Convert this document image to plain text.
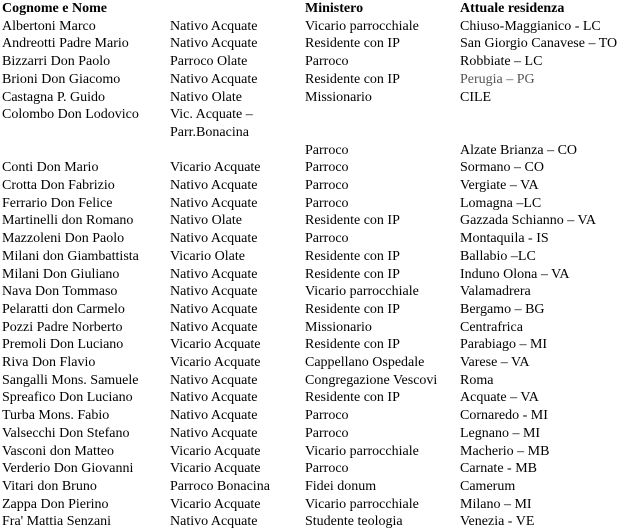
Cognome e Nome		Ministero	Attuale residenza
Albertoni Marco	Nativo Acquate	Vicario parrocchiale	Chiuso-Maggianico - LC
Andreotti Padre Mario	Nativo Acquate	Residente con IP	San Giorgio Canavese – TO
Bizzarri Don Paolo	Parroco Olate	Parroco	Robbiate – LC
Brioni Don Giacomo	Nativo Acquate	Residente con IP	Perugia – PG
Castagna P. Guido	Nativo Olate	Missionario	CILE
Colombo Don Lodovico	Vic. Acquate – Parr.Bonacina		
		Parroco	Alzate Brianza – CO
Conti Don Mario	Vicario Acquate	Parroco	Sormano – CO
Crotta Don Fabrizio	Nativo Acquate	Parroco	Vergiate – VA
Ferrario Don Felice	Nativo Acquate	Parroco	Lomagna –LC
Martinelli don Romano	Nativo Olate	Residente con IP	Gazzada Schianno – VA
Mazzoleni Don Paolo	Nativo Acquate	Parroco	Montaquila - IS
Milani don Giambattista	Vicario Olate	Residente con IP	Ballabio –LC
Milani Don Giuliano	Nativo Acquate	Residente con IP	Induno Olona – VA
Nava Don Tommaso	Nativo Acquate	Vicario parrocchiale	Valamadrera
Pelaratti don Carmelo	Nativo Acquate	Residente con IP	Bergamo – BG
Pozzi Padre Norberto	Nativo Acquate	Missionario	Centrafrica
Premoli Don Luciano	Vicario Acquate	Residente con IP	Parabiago – MI
Riva Don Flavio	Vicario Acquate	Cappellano Ospedale	Varese – VA
Sangalli Mons. Samuele	Nativo Acquate	Congregazione Vescovi	Roma
Spreafico Don Luciano	Nativo Acquate	Residente con IP	Acquate – VA
Turba Mons. Fabio	Nativo Acquate	Parroco	Cornaredo - MI
Valsecchi Don Stefano	Nativo Acquate	Parroco	Legnano – MI
Vasconi don Matteo	Vicario Acquate	Vicario parrocchiale	Macherio – MB
Verderio Don Giovanni	Vicario Acquate	Parroco	Carnate - MB
Vitari don Bruno	Parroco Bonacina	Fidei donum	Camerum
Zappa Don Pierino	Vicario Acquate	Vicario parrocchiale	Milano – MI
Fra' Mattia Senzani	Nativo Acquate	Studente teologia	Venezia - VE
